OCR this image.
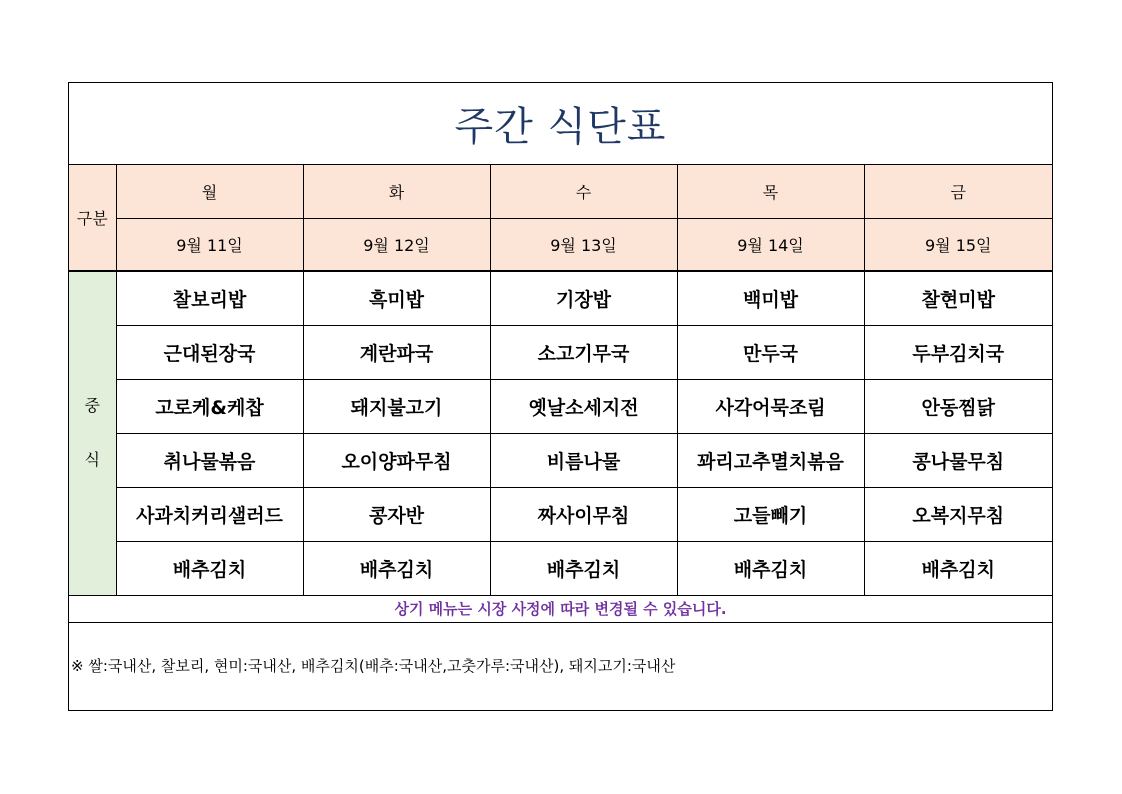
주간 식단표
구분	월	화	수	목	금
	9월 11일	9월 12일	9월 13일	9월 14일	9월 15일

중
식	찰보리밥	흑미밥	기장밥	백미밥	찰현미밥
	근대된장국	계란파국	소고기무국	만두국	두부김치국
	고로케&케찹	돼지불고기	옛날소세지전	사각어묵조림	안동찜닭
	취나물볶음	오이양파무침	비름나물	꽈리고추멸치볶음	콩나물무침
	사과치커리샐러드	콩자반	짜사이무침	고들빼기	오복지무침
	배추김치	배추김치	배추김치	배추김치	배추김치
상기 메뉴는 시장 사정에 따라 변경될 수 있습니다.
※ 쌀:국내산, 찰보리, 현미:국내산, 배추김치(배추:국내산,고춧가루:국내산), 돼지고기:국내산
